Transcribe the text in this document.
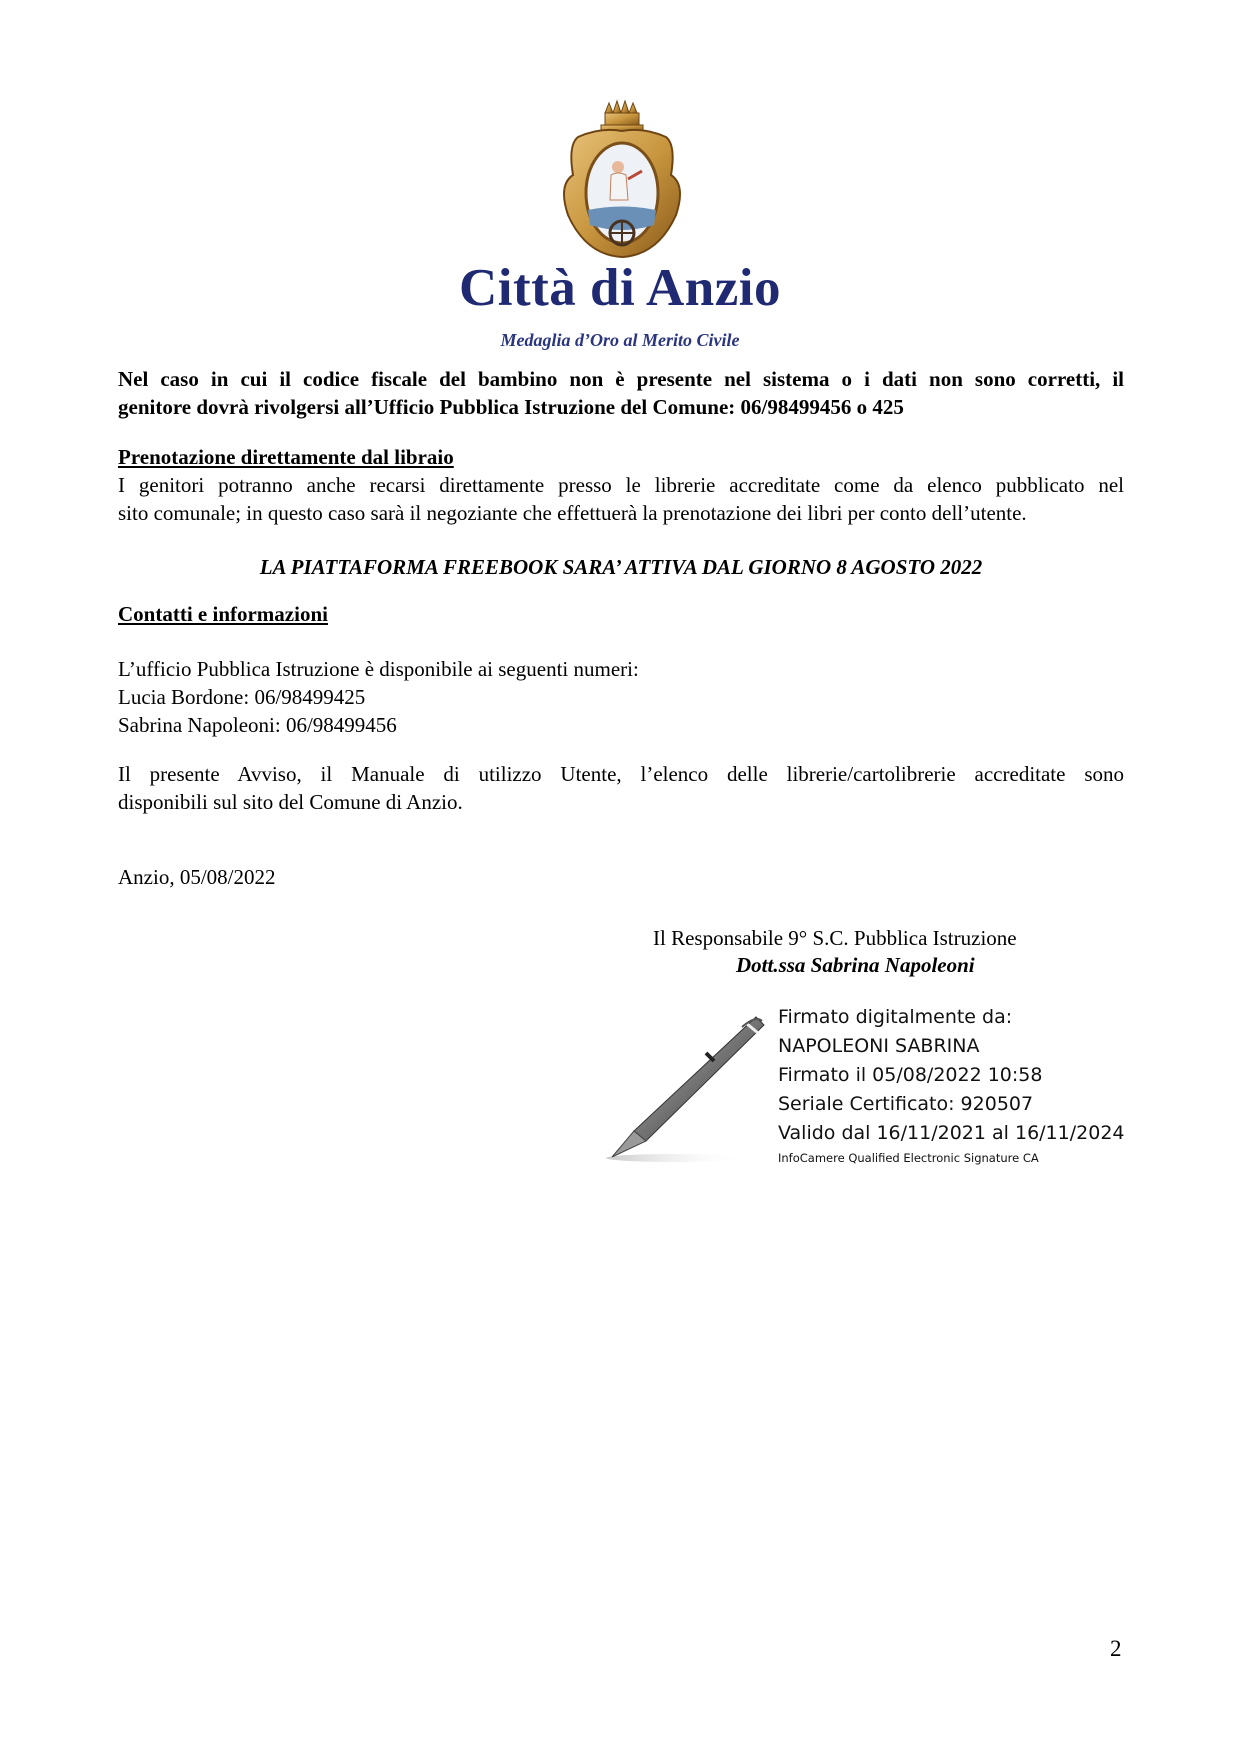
Città di Anzio
Medaglia d’Oro al Merito Civile
Nel caso in cui il codice fiscale del bambino non è presente nel sistema o i dati non sono corretti, il
genitore dovrà rivolgersi all’Ufficio Pubblica Istruzione del Comune: 06/98499456 o 425
Prenotazione direttamente dal libraio
I genitori potranno anche recarsi direttamente presso le librerie accreditate come da elenco pubblicato nel
sito comunale; in questo caso sarà il negoziante che effettuerà la prenotazione dei libri per conto dell’utente.
LA PIATTAFORMA FREEBOOK SARA’ ATTIVA DAL GIORNO 8 AGOSTO 2022
Contatti e informazioni
L’ufficio Pubblica Istruzione è disponibile ai seguenti numeri:
Lucia Bordone: 06/98499425
Sabrina Napoleoni: 06/98499456
Il presente Avviso, il Manuale di utilizzo Utente, l’elenco delle librerie/cartolibrerie accreditate sono
disponibili sul sito del Comune di Anzio.
Anzio, 05/08/2022
Il Responsabile 9° S.C. Pubblica Istruzione
Dott.ssa Sabrina Napoleoni
Firmato digitalmente da:
NAPOLEONI SABRINA
Firmato il 05/08/2022 10:58
Seriale Certificato: 920507
Valido dal 16/11/2021 al 16/11/2024
InfoCamere Qualified Electronic Signature CA
2
